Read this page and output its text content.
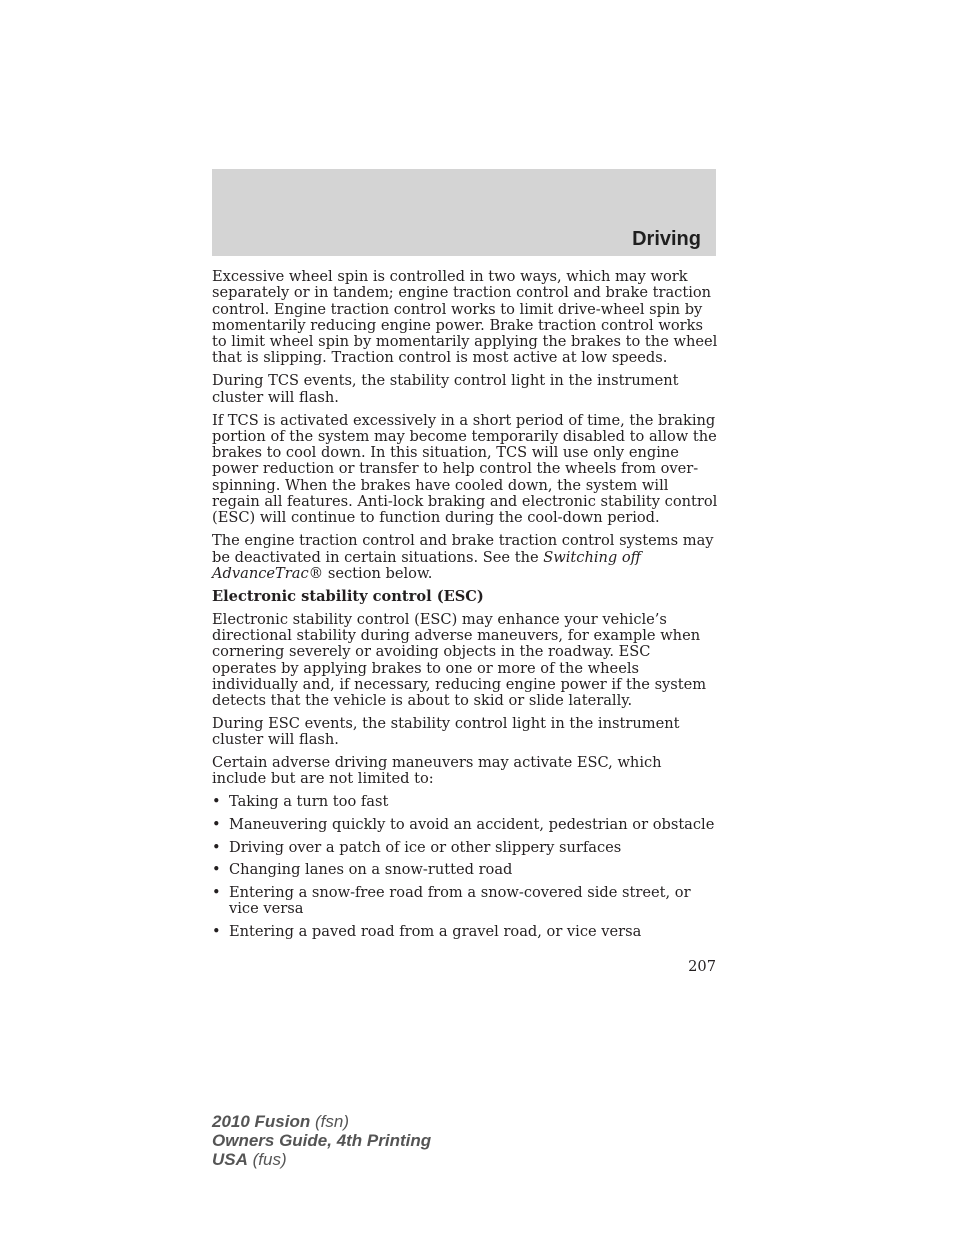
Driving

Excessive wheel spin is controlled in two ways, which may work separately or in tandem; engine traction control and brake traction control. Engine traction control works to limit drive-wheel spin by momentarily reducing engine power. Brake traction control works to limit wheel spin by momentarily applying the brakes to the wheel that is slipping. Traction control is most active at low speeds.

During TCS events, the stability control light in the instrument cluster will flash.

If TCS is activated excessively in a short period of time, the braking portion of the system may become temporarily disabled to allow the brakes to cool down. In this situation, TCS will use only engine power reduction or transfer to help control the wheels from over-spinning. When the brakes have cooled down, the system will regain all features. Anti-lock braking and electronic stability control (ESC) will continue to function during the cool-down period.

The engine traction control and brake traction control systems may be deactivated in certain situations. See the Switching off AdvanceTrac® section below.

Electronic stability control (ESC)

Electronic stability control (ESC) may enhance your vehicle’s directional stability during adverse maneuvers, for example when cornering severely or avoiding objects in the roadway. ESC operates by applying brakes to one or more of the wheels individually and, if necessary, reducing engine power if the system detects that the vehicle is about to skid or slide laterally.

During ESC events, the stability control light in the instrument cluster will flash.

Certain adverse driving maneuvers may activate ESC, which include but are not limited to:

• Taking a turn too fast
• Maneuvering quickly to avoid an accident, pedestrian or obstacle
• Driving over a patch of ice or other slippery surfaces
• Changing lanes on a snow-rutted road
• Entering a snow-free road from a snow-covered side street, or vice versa
• Entering a paved road from a gravel road, or vice versa

207

2010 Fusion (fsn)
Owners Guide, 4th Printing
USA (fus)
